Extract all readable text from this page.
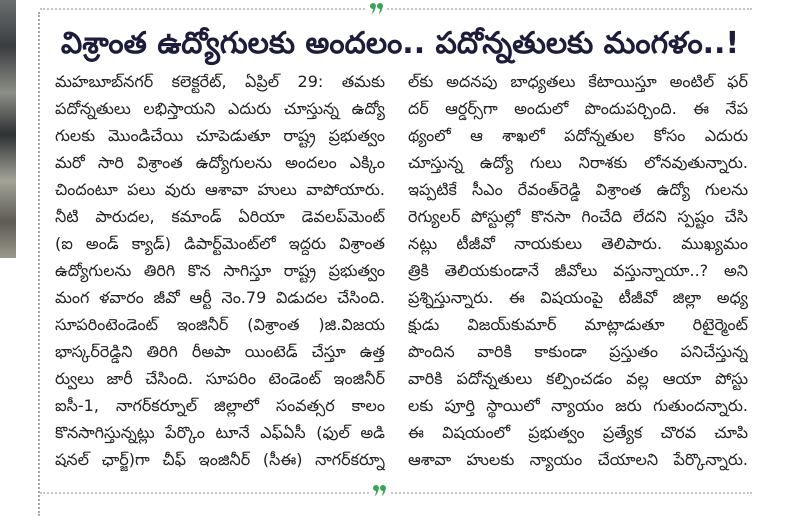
విశ్రాంత ఉద్యోగులకు అందలం.. పదోన్నతులకు మంగళం..!
మహబూబ్‌నగర్ కలెక్టరేట్, ఏప్రిల్ 29: తమకు
పదోన్నతులు లభిస్తాయని ఎదురు చూస్తున్న ఉద్యో
గులకు మొండిచేయి చూపెడుతూ రాష్ట్ర ప్రభుత్వం
మరో సారి విశ్రాంత ఉద్యోగులను అందలం ఎక్కిం
చిందంటూ పలు వురు ఆశావా హులు వాపోయారు.
నీటి పారుదల, కమాండ్ ఏరియా డెవలప్‌మెంట్
(ఐ అండ్ క్యాడ్) డిపార్ట్‌మెంట్‌లో ఇద్దరు విశ్రాంత
ఉద్యోగులను తిరిగి కొన సాగిస్తూ రాష్ట్ర ప్రభుత్వం
మంగ ళవారం జీవో ఆర్టీ నెం.79 విడుదల చేసింది.
సూపరింటెండెంట్ ఇంజినీర్ (విశ్రాంత )జి.విజయ
భాస్కర్‌రెడ్డిని తిరిగి రీఅపా యింటెడ్ చేస్తూ ఉత్త
ర్వులు జారీ చేసింది. సూపరిం టెండెంట్ ఇంజినీర్
ఐసీ-1, నాగర్‌కర్నూల్ జిల్లాలో సంవత్సర కాలం
కొనసాగిస్తున్నట్లు పేర్కొం టూనే ఎఫ్‌ఏసీ (ఫుల్ అడి
షనల్ ఛార్జ్)గా చీఫ్ ఇంజినీర్ (సీఈ) నాగర్‌కర్నూ
ల్‌కు అదనపు బాధ్యతలు కేటాయిస్తూ అంటిల్ ఫర్
దర్ ఆర్డర్స్‌గా అందులో పొందుపర్చింది. ఈ నేప
థ్యంలో ఆ శాఖలో పదోన్నతుల కోసం ఎదురు
చూస్తున్న ఉద్యో గులు నిరాశకు లోనవుతున్నారు.
ఇప్పటికే సీఎం రేవంత్‌రెడ్డి విశ్రాంత ఉద్యో గులను
రెగ్యులర్ పోస్టుల్లో కొనసా గించేది లేదని స్పష్టం చేసి
నట్లు టీజీవో నాయకులు తెలిపారు. ముఖ్యమం
త్రికి తెలియకుండానే జీవోలు వస్తున్నాయా..? అని
ప్రశ్నిస్తున్నారు. ఈ విషయంపై టీజీవో జిల్లా అధ్య
క్షుడు విజయ్‌కుమార్ మాట్లాడుతూ రిటైర్మెంట్
పొందిన వారికి కాకుండా ప్రస్తుతం పనిచేస్తున్న
వారికి పదోన్నతులు కల్పించడం వల్ల ఆయా పోస్టు
లకు పూర్తి స్థాయిలో న్యాయం జరు గుతుందన్నారు.
ఈ విషయంలో ప్రభుత్వం ప్రత్యేక చొరవ చూపి
ఆశావా హులకు న్యాయం చేయాలని పేర్కొన్నారు.
